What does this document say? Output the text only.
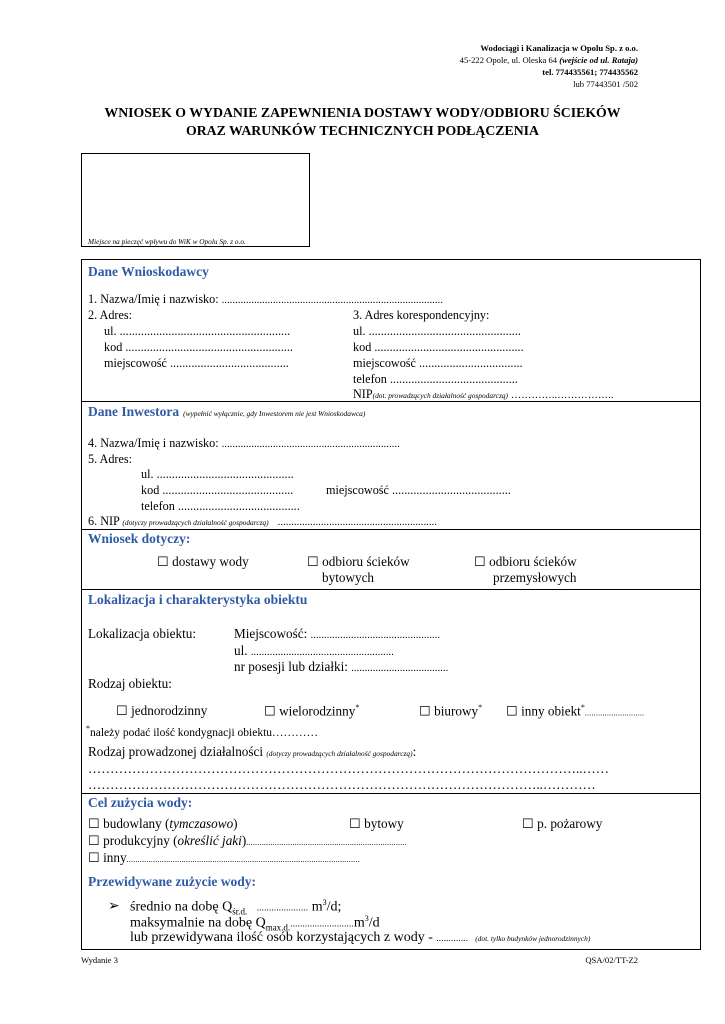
Wodociągi i Kanalizacja w Opolu Sp. z o.o.
45-222 Opole, ul. Oleska 64 (wejście od ul. Rataja)
tel. 774435561; 774435562
lub 77443501 /502
WNIOSEK O WYDANIE ZAPEWNIENIA DOSTAWY WODY/ODBIORU ŚCIEKÓW
ORAZ WARUNKÓW TECHNICZNYCH PODŁĄCZENIA
Miejsce na pieczęć wpływu do WiK w Opolu Sp. z o.o.
Dane Wnioskodawcy
1. Nazwa/Imię i nazwisko: ..................................................................................
2. Adres:
ul. ........................................................
kod .......................................................
miejscowość .......................................
3. Adres korespondencyjny:
ul. ..................................................
kod .................................................
miejscowość ..................................
telefon ..........................................
NIP(dot. prowadzących działalność gospodarczą) …………..……………..
Dane Inwestora (wypełnić wyłącznie, gdy Inwestorem nie jest Wnioskodawca)
4. Nazwa/Imię i nazwisko: ..................................................................
5. Adres:
ul. .............................................
kod ...........................................	miejscowość .......................................
telefon ........................................
6. NIP (dotyczy prowadzących działalność gospodarczą) ...........................................................
Wniosek dotyczy:
☐ dostawy wody	☐ odbioru ścieków
bytowych
☐ odbioru ścieków
przemysłowych
Lokalizacja i charakterystyka obiektu
Lokalizacja obiektu:	Miejscowość: ................................................
ul. .....................................................
nr posesji lub działki: ....................................
Rodzaj obiektu:
☐ jednorodzinny	☐ wielorodzinny*	☐ biurowy* ☐ inny obiekt*...........................
*należy podać ilość kondygnacji obiektu…………
Rodzaj prowadzonej działalności (dotyczy prowadzących działalność gospodarczą):
…………………………………………………………………………………………………..……
…………………………………………………………………………………………..…………
Cel zużycia wody:
☐ budowlany (tymczasowo)	☐ bytowy	☐ p. pożarowy
☐ produkcyjny (określić jaki).........................................................................
☐ inny..........................................................................................................
Przewidywane zużycie wody:
➢ średnio na dobę $Q_{śr.d.}$   ..................... $m^3/d$;
maksymalnie na dobę $Q_{max.d.}..........................m^3/d$
lub przewidywana ilość osób korzystających z wody - ............. (dot. tylko budynków jednorodzinnych)
Wydanie 3	QSA/02/TT-Z2
